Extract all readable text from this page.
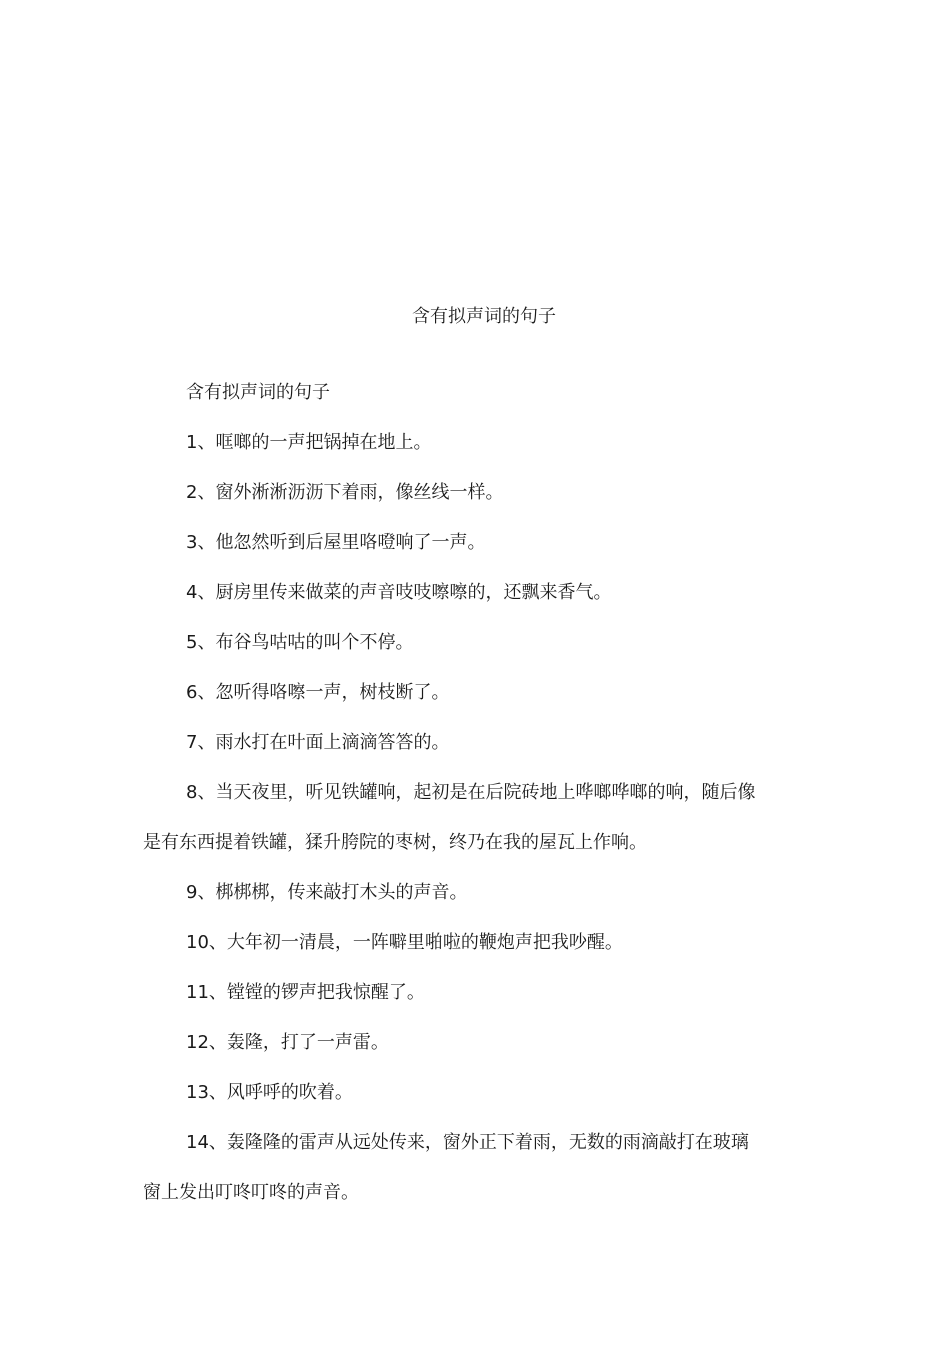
含有拟声词的句子

含有拟声词的句子

1、哐啷的一声把锅掉在地上。

2、窗外淅淅沥沥下着雨，像丝线一样。

3、他忽然听到后屋里咯噔响了一声。

4、厨房里传来做菜的声音吱吱嚓嚓的，还飘来香气。

5、布谷鸟咕咕的叫个不停。

6、忽听得咯嚓一声，树枝断了。

7、雨水打在叶面上滴滴答答的。

8、当天夜里，听见铁罐响，起初是在后院砖地上哗啷哗啷的响，随后像是有东西提着铁罐，猱升胯院的枣树，终乃在我的屋瓦上作响。

9、梆梆梆，传来敲打木头的声音。

10、大年初一清晨，一阵噼里啪啦的鞭炮声把我吵醒。

11、镗镗的锣声把我惊醒了。

12、轰隆，打了一声雷。

13、风呼呼的吹着。

14、轰隆隆的雷声从远处传来，窗外正下着雨，无数的雨滴敲打在玻璃窗上发出叮咚叮咚的声音。
